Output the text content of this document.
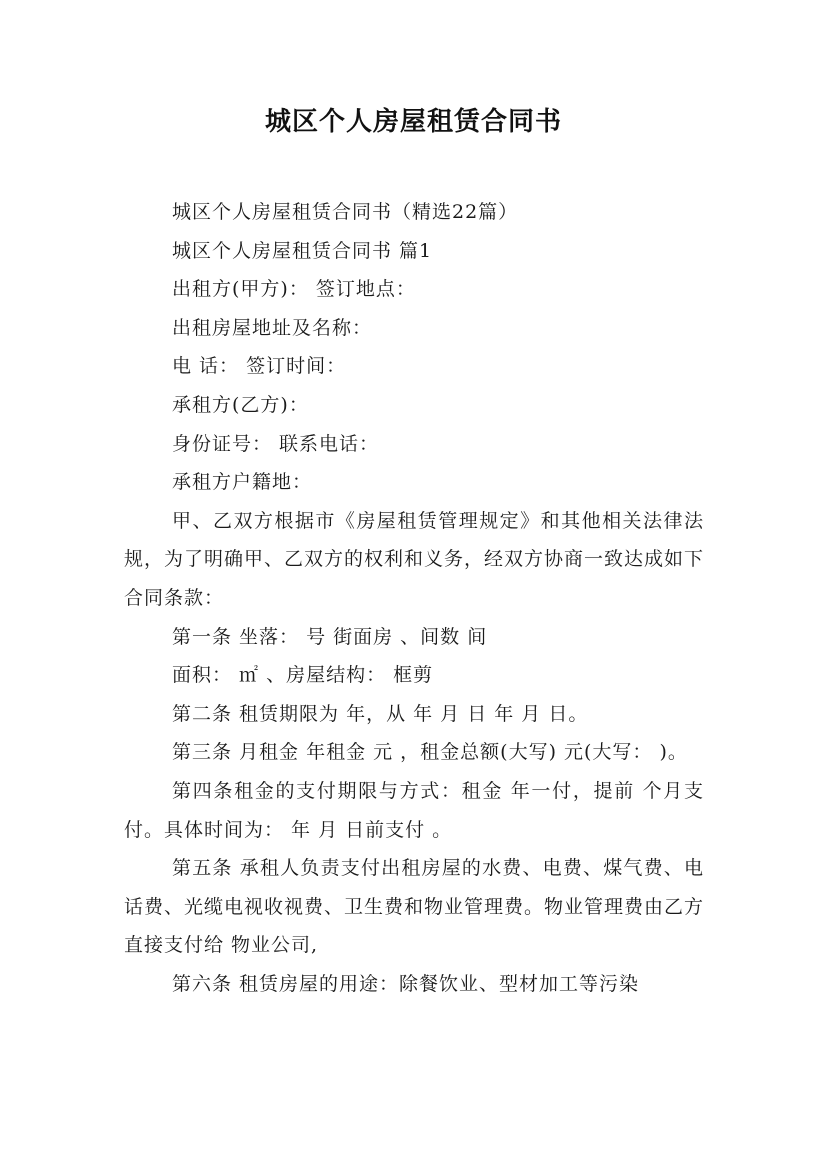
城区个人房屋租赁合同书
城区个人房屋租赁合同书（精选22篇）
城区个人房屋租赁合同书 篇1
出租方(甲方)： 签订地点：
出租房屋地址及名称：
电 话： 签订时间：
承租方(乙方)：
身份证号： 联系电话：
承租方户籍地：
甲、乙双方根据市《房屋租赁管理规定》和其他相关法律法规，为了明确甲、乙双方的权利和义务，经双方协商一致达成如下合同条款：
第一条 坐落： 号 街面房 、间数 间
面积： ㎡ 、房屋结构： 框剪
第二条 租赁期限为 年，从 年 月 日 年 月 日。
第三条 月租金 年租金 元 ，租金总额(大写) 元(大写： )。
第四条租金的支付期限与方式：租金 年一付，提前 个月支付。具体时间为： 年 月 日前支付 。
第五条 承租人负责支付出租房屋的水费、电费、煤气费、电话费、光缆电视收视费、卫生费和物业管理费。物业管理费由乙方直接支付给 物业公司,
第六条 租赁房屋的用途：除餐饮业、型材加工等污染
